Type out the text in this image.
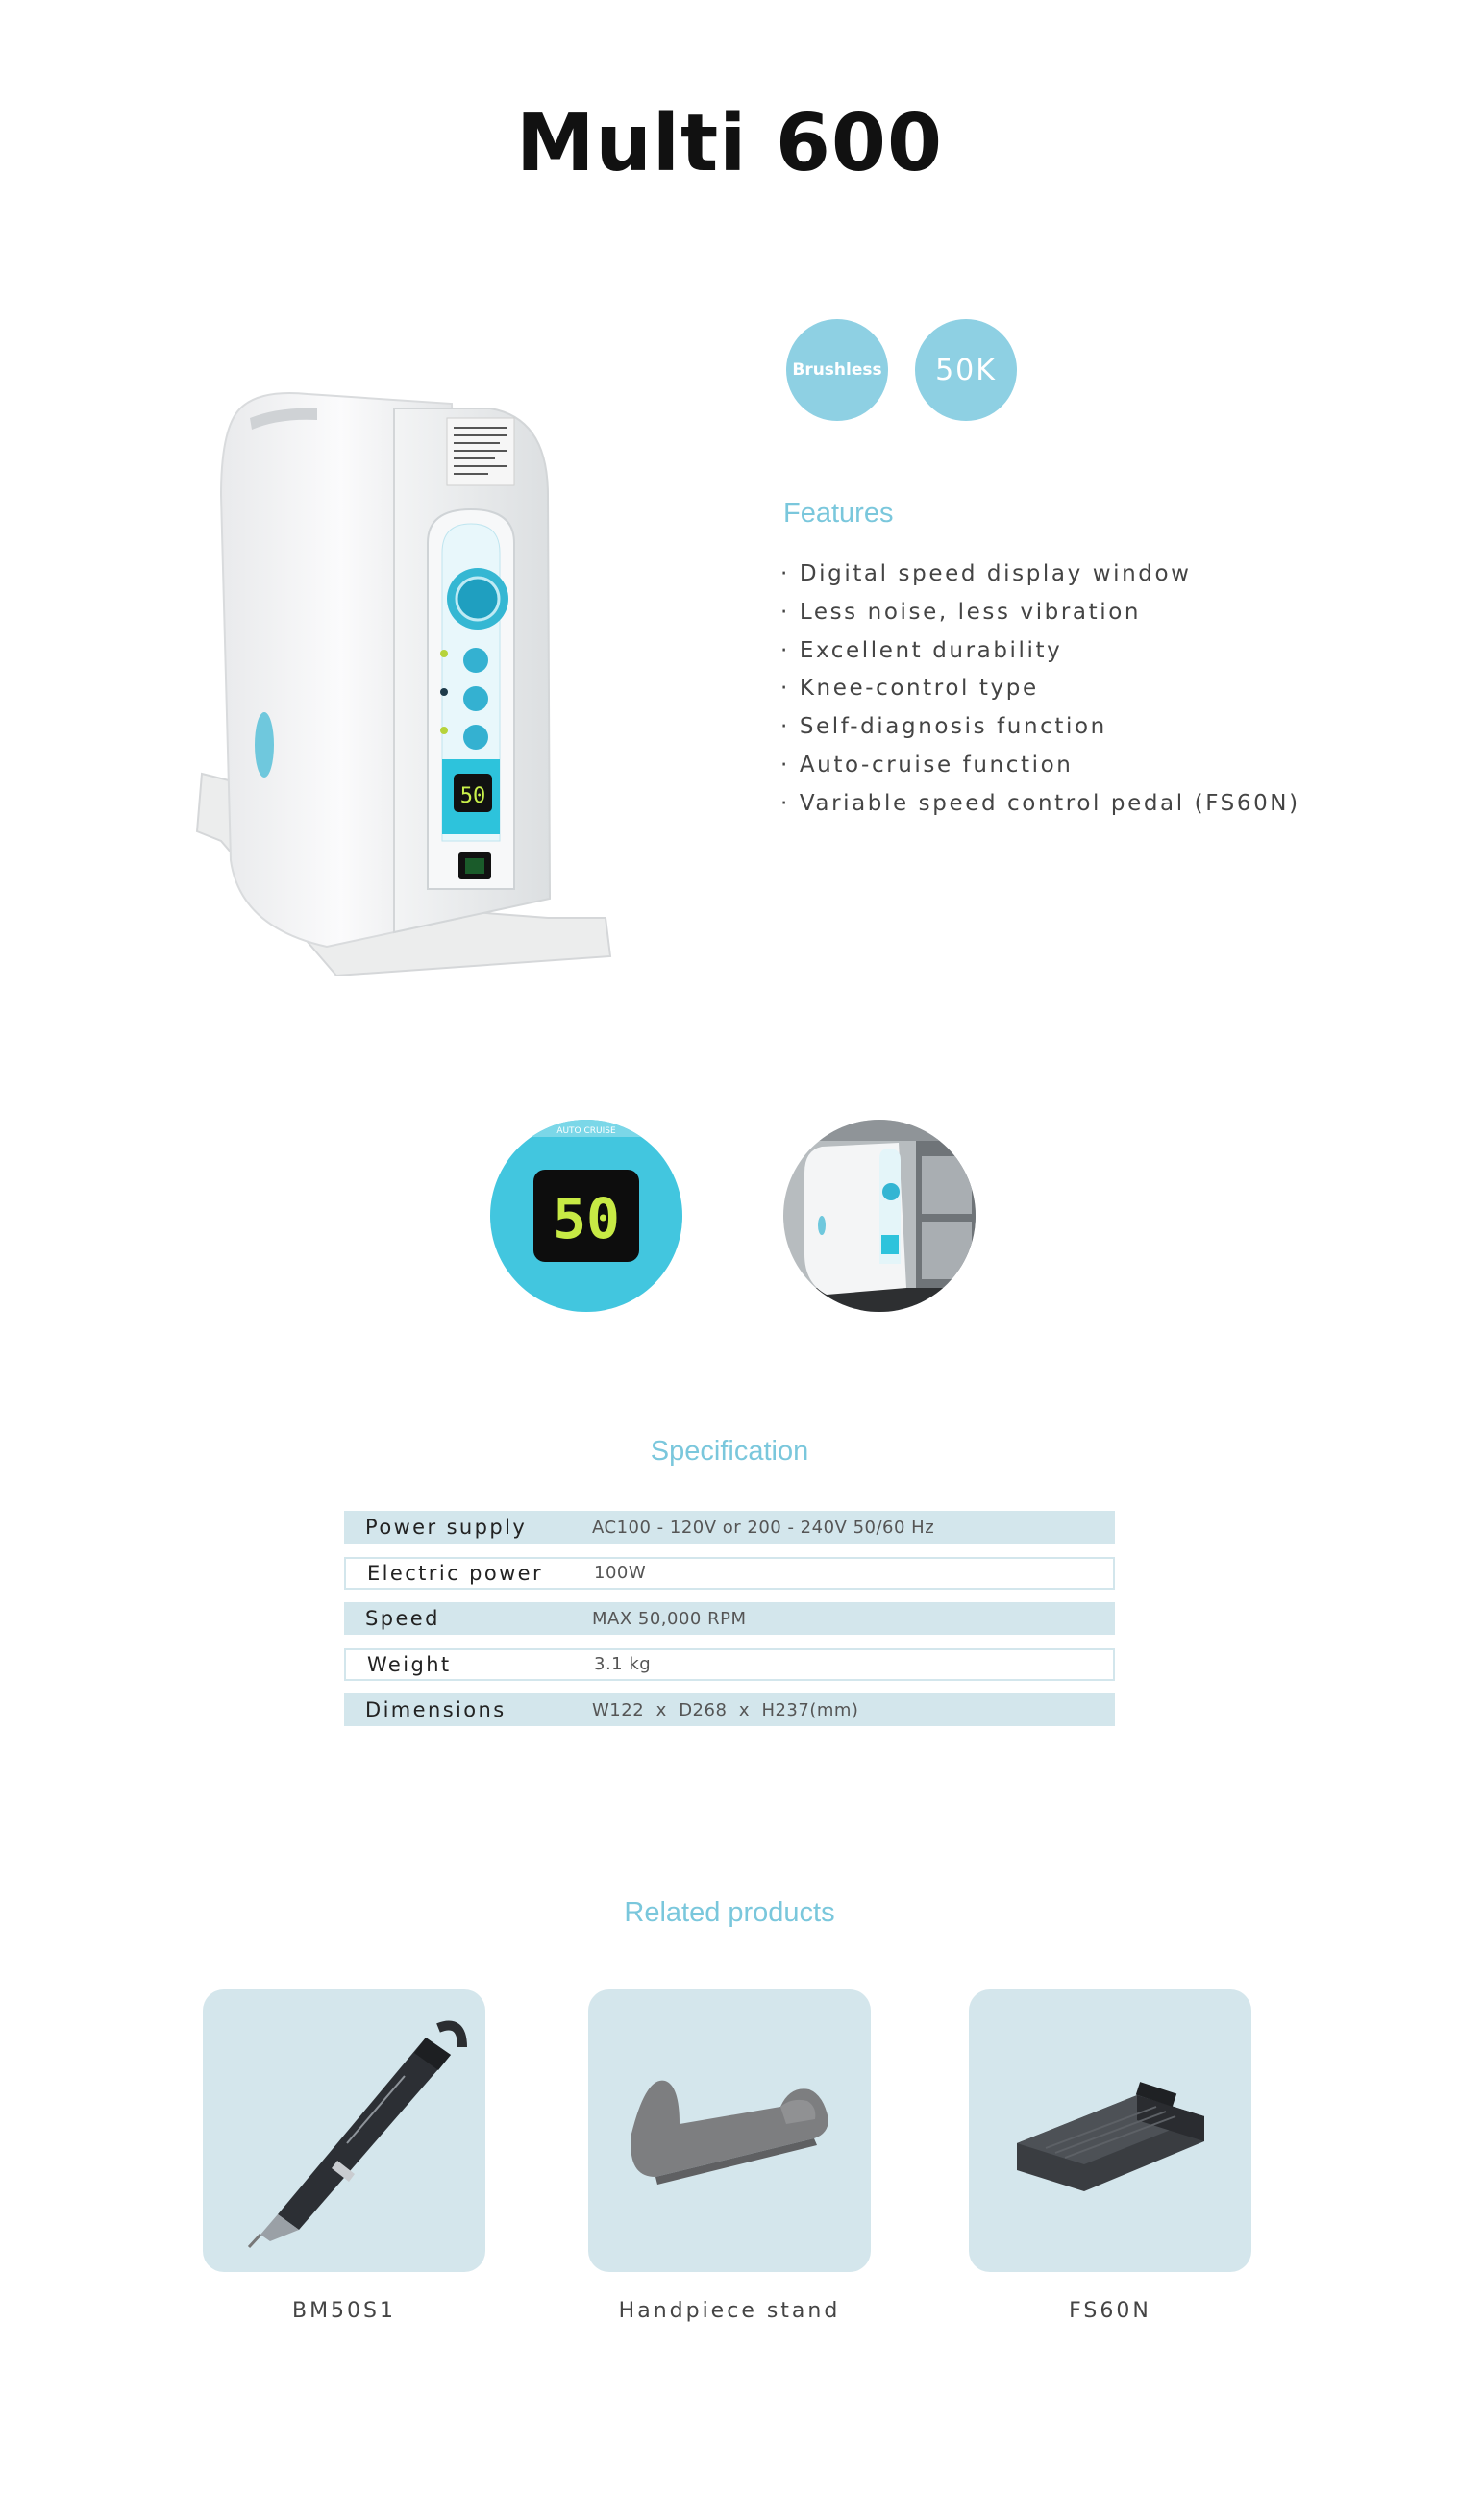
Multi 600
50
Brushless	50K
Features
· Digital speed display window
· Less noise, less vibration
· Excellent durability
· Knee-control type
· Self-diagnosis function
· Auto-cruise function
· Variable speed control pedal (FS60N)
AUTO CRUISE
50
Specification
Power supply	AC100 - 120V or 200 - 240V 50/60 Hz
Electric power	100W
Speed	MAX 50,000 RPM
Weight	3.1 kg
Dimensions	W122  x  D268  x  H237(mm)
Related products
BM50S1	Handpiece stand	FS60N
